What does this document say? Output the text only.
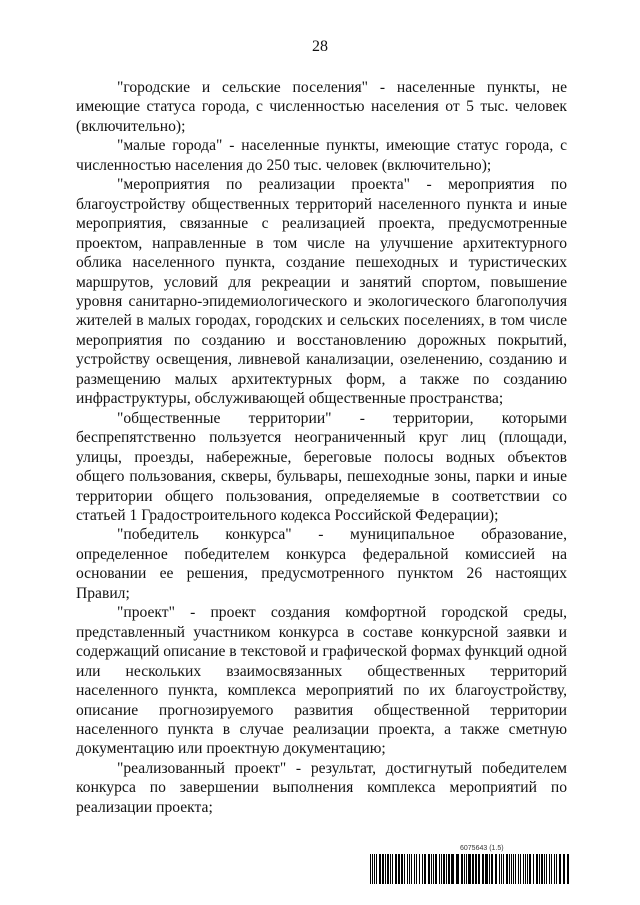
28

"городские и сельские поселения" - населенные пункты, не имеющие статуса города, с численностью населения от 5 тыс. человек (включительно);

"малые города" - населенные пункты, имеющие статус города, с численностью населения до 250 тыс. человек (включительно);

"мероприятия по реализации проекта" - мероприятия по благоустройству общественных территорий населенного пункта и иные мероприятия, связанные с реализацией проекта, предусмотренные проектом, направленные в том числе на улучшение архитектурного облика населенного пункта, создание пешеходных и туристических маршрутов, условий для рекреации и занятий спортом, повышение уровня санитарно-эпидемиологического и экологического благополучия жителей в малых городах, городских и сельских поселениях, в том числе мероприятия по созданию и восстановлению дорожных покрытий, устройству освещения, ливневой канализации, озеленению, созданию и размещению малых архитектурных форм, а также по созданию инфраструктуры, обслуживающей общественные пространства;

"общественные территории" - территории, которыми беспрепятственно пользуется неограниченный круг лиц (площади, улицы, проезды, набережные, береговые полосы водных объектов общего пользования, скверы, бульвары, пешеходные зоны, парки и иные территории общего пользования, определяемые в соответствии со статьей 1 Градостроительного кодекса Российской Федерации);

"победитель конкурса" - муниципальное образование, определенное победителем конкурса федеральной комиссией на основании ее решения, предусмотренного пунктом 26 настоящих Правил;

"проект" - проект создания комфортной городской среды, представленный участником конкурса в составе конкурсной заявки и содержащий описание в текстовой и графической формах функций одной или нескольких взаимосвязанных общественных территорий населенного пункта, комплекса мероприятий по их благоустройству, описание прогнозируемого развития общественной территории населенного пункта в случае реализации проекта, а также сметную документацию или проектную документацию;

"реализованный проект" - результат, достигнутый победителем конкурса по завершении выполнения комплекса мероприятий по реализации проекта;

6075643 (1.5)
